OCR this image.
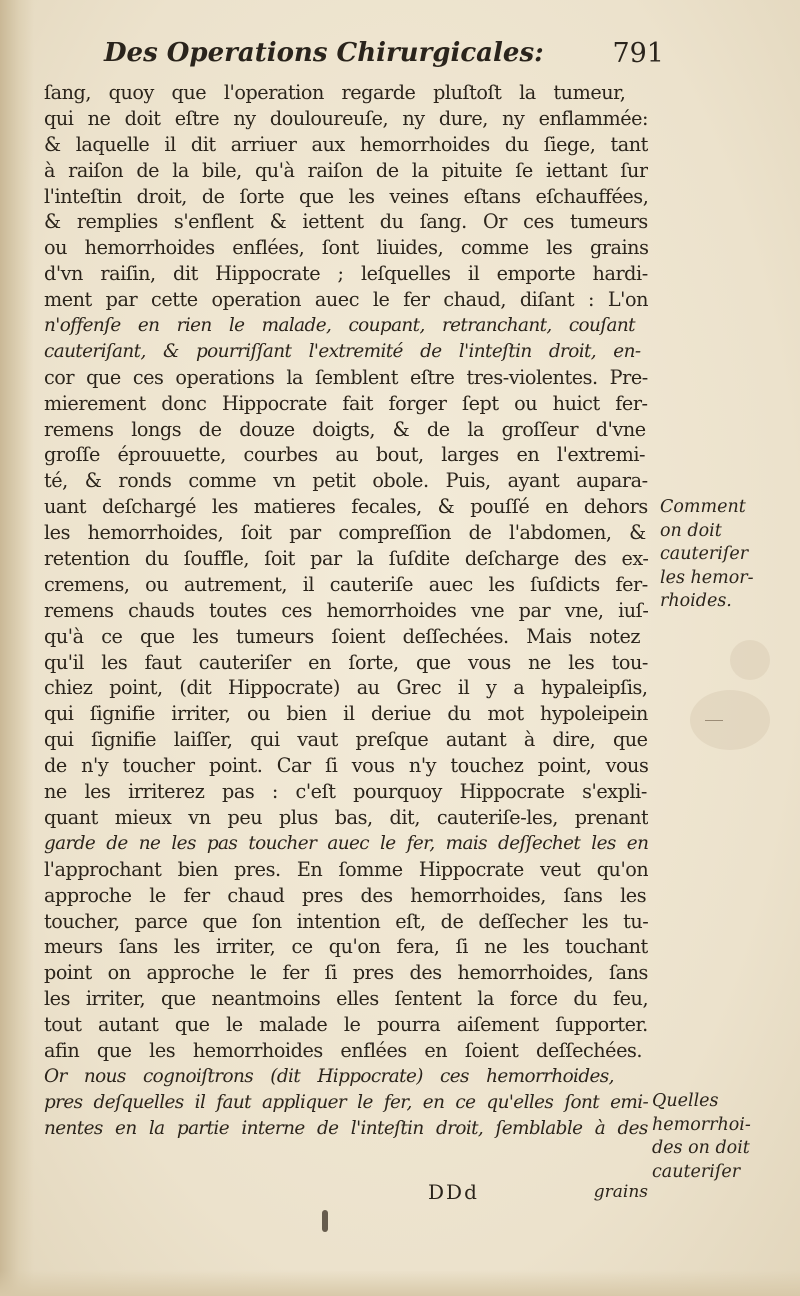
Des Operations Chirurgicales:	791
ſang, quoy que l'operation regarde pluſtoſt la tumeur,
qui ne doit eſtre ny douloureuſe, ny dure, ny enflammée:
& laquelle il dit arriuer aux hemorrhoides du ſiege, tant
à raiſon de la bile, qu'à raiſon de la pituite ſe iettant ſur
l'inteſtin droit, de ſorte que les veines eſtans eſchauffées,
& remplies s'enflent & iettent du ſang. Or ces tumeurs
ou hemorrhoides enflées, ſont liuides, comme les grains
d'vn raiſin, dit Hippocrate ; leſquelles il emporte hardi-
ment par cette operation auec le fer chaud, diſant : L'on
n'offenſe en rien le malade, coupant, retranchant, couſant
cauteriſant, & pourriſſant l'extremité de l'inteſtin droit, en-
cor que ces operations la ſemblent eſtre tres-violentes. Pre-
mierement donc Hippocrate fait forger ſept ou huict fer-
remens longs de douze doigts, & de la groſſeur d'vne
groſſe éprouuette, courbes au bout, larges en l'extremi-
té, & ronds comme vn petit obole. Puis, ayant aupara-
uant deſchargé les matieres fecales, & pouſſé en dehors
les hemorrhoides, ſoit par compreſſion de l'abdomen, &
retention du ſouffle, ſoit par la ſuſdite deſcharge des ex-
cremens, ou autrement, il cauteriſe auec les ſuſdicts fer-
remens chauds toutes ces hemorrhoides vne par vne, iuſ-
qu'à ce que les tumeurs ſoient deſſechées. Mais notez
qu'il les faut cauteriſer en ſorte, que vous ne les tou-
chiez point, (dit Hippocrate) au Grec il y a hypaleipſis,
qui ſignifie irriter, ou bien il deriue du mot hypoleipein
qui ſignifie laiſſer, qui vaut preſque autant à dire, que
de n'y toucher point. Car ſi vous n'y touchez point, vous
ne les irriterez pas : c'eſt pourquoy Hippocrate s'expli-
quant mieux vn peu plus bas, dit, cauteriſe-les, prenant
garde de ne les pas toucher auec le fer, mais deſſechet les en
l'approchant bien pres. En ſomme Hippocrate veut qu'on
approche le fer chaud pres des hemorrhoides, ſans les
toucher, parce que ſon intention eſt, de deſſecher les tu-
meurs ſans les irriter, ce qu'on fera, ſi ne les touchant
point on approche le fer ſi pres des hemorrhoides, ſans
les irriter, que neantmoins elles ſentent la force du feu,
tout autant que le malade le pourra aiſement ſupporter.
afin que les hemorrhoides enflées en ſoient deſſechées.
Or nous cognoiſtrons (dit Hippocrate) ces hemorrhoides,
pres deſquelles il faut appliquer le fer, en ce qu'elles ſont emi-
nentes en la partie interne de l'inteſtin droit, ſemblable à des
Comment
on doit
cauteriſer
les hemor-
rhoides.
Quelles
hemorrhoi-
des on doit
cauteriſer
DDd	grains
